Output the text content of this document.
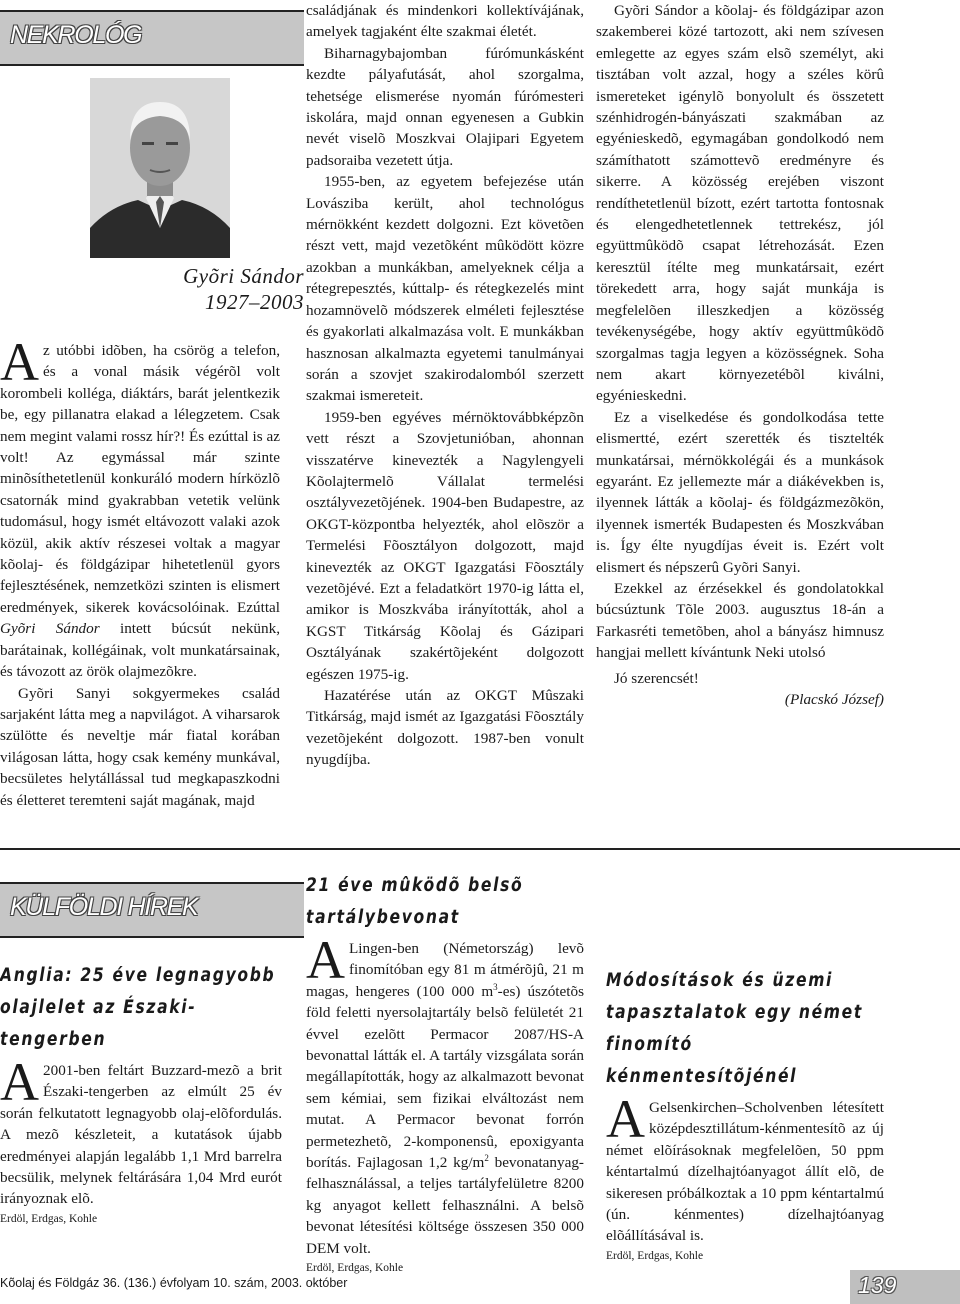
NEKROLÓG
Gyõri Sándor
1927–2003

Az utóbbi idõben, ha csörög a telefon, és a vonal másik végérõl volt korombeli kolléga, diáktárs, barát jelentkezik be, egy pillanatra elakad a lélegzetem. Csak nem megint valami rossz hír?! És ezúttal is az volt! Az egymással már szinte minõsíthetetlenül konkuráló modern hírközlõ csatornák mind gyakrabban vetetik velünk tudomásul, hogy ismét eltávozott valaki azok közül, akik aktív részesei voltak a magyar kõolaj- és földgázipar hihetetlenül gyors fejlesztésének, nemzetközi szinten is elismert eredmények, sikerek kovácsolóinak. Ezúttal Gyõri Sándor intett búcsút nekünk, barátainak, kollégáinak, volt munkatársainak, és távozott az örök olajmezõkre.

Gyõri Sanyi sokgyermekes család sarjaként látta meg a napvilágot. A viharsarok szülötte és neveltje már fiatal korában világosan látta, hogy csak kemény munkával, becsületes helytállással tud megkapaszkodni és életteret teremteni saját magának, majd

családjának és mindenkori kollektívájának, amelyek tagjaként élte szakmai életét.

Biharnagybajomban fúrómunkásként kezdte pályafutását, ahol szorgalma, tehetsége elismerése nyomán fúrómesteri iskolára, majd onnan egyenesen a Gubkin nevét viselõ Moszkvai Olajipari Egyetem padsoraiba vezetett útja.

1955-ben, az egyetem befejezése után Lovásziba került, ahol technológus mérnökként kezdett dolgozni. Ezt követõen részt vett, majd vezetõként mûködött közre azokban a munkákban, amelyeknek célja a rétegrepesztés, kúttalp- és rétegkezelés mint hozamnövelõ módszerek elméleti fejlesztése és gyakorlati alkalmazása volt. E munkákban hasznosan alkalmazta egyetemi tanulmányai során a szovjet szakirodalomból szerzett szakmai ismereteit.

1959-ben egyéves mérnöktovábbképzõn vett részt a Szovjetunióban, ahonnan visszatérve kinevezték a Nagylengyeli Kõolajtermelõ Vállalat termelési osztályvezetõjének. 1904-ben Budapestre, az OKGT-központba helyezték, ahol elõször a Termelési Fõosztályon dolgozott, majd kinevezték az OKGT Igazgatási Fõosztály vezetõjévé. Ezt a feladatkört 1970-ig látta el, amikor is Moszkvába irányították, ahol a KGST Titkárság Kõolaj és Gázipari Osztályának szakértõjeként dolgozott egészen 1975-ig.

Hazatérése után az OKGT Mûszaki Titkárság, majd ismét az Igazgatási Fõosztály vezetõjeként dolgozott. 1987-ben vonult nyugdíjba.

Gyõri Sándor a kõolaj- és földgázipar azon szakemberei közé tartozott, aki nem szívesen emlegette az egyes szám elsõ személyt, aki tisztában volt azzal, hogy a széles körû ismereteket igénylõ bonyolult és összetett szénhidrogén-bányászati szakmában az egyénieskedõ, egymagában gondolkodó nem számíthatott számottevõ eredményre és sikerre. A közösség erejében viszont rendíthetetlenül bízott, ezért tartotta fontosnak és elengedhetetlennek tettrekész, jól együttmûködõ csapat létrehozását. Ezen keresztül ítélte meg munkatársait, ezért törekedett arra, hogy saját munkája is megfelelõen illeszkedjen a közösség tevékenységébe, hogy aktív együttmûködõ szorgalmas tagja legyen a közösségnek. Soha nem akart környezetébõl kiválni, egyénieskedni.

Ez a viselkedése és gondolkodása tette elismertté, ezért szerették és tisztelték munkatársai, mérnökkolégái és a munkások egyaránt. Ez jellemezte már a diákévekben is, ilyennek látták a kõolaj- és földgázmezõkön, ilyennek ismerték Budapesten és Moszkvában is. Így élte nyugdíjas éveit is. Ezért volt elismert és népszerû Gyõri Sanyi.

Ezekkel az érzésekkel és gondolatokkal búcsúztunk Tõle 2003. augusztus 18-án a Farkasréti temetõben, ahol a bányász himnusz hangjai mellett kívántunk Neki utolsó

Jó szerencsét!

(Placskó József)

KÜLFÖLDI HÍREK
Anglia: 25 éve legnagyobb olajlelet az Északi-tengerben

A 2001-ben feltárt Buzzard-mezõ a brit Északi-tengerben az elmúlt 25 év során felkutatott legnagyobb olaj-elõfordulás. A mezõ készleteit, a kutatások újabb eredményei alapján legalább 1,1 Mrd barrelra becsülik, melynek feltárására 1,04 Mrd eurót irányoznak elõ.

Erdöl, Erdgas, Kohle

21 éve mûködõ belsõ tartálybevonat

A Lingen-ben (Németország) levõ finomítóban egy 81 m átmérõjû, 21 m magas, hengeres (100 000 $m^3-es$) úszótetõs föld feletti nyersolajtartály belsõ felületét 21 évvel ezelõtt Permacor 2087/HS-A bevonattal látták el. A tartály vizsgálata során megállapították, hogy az alkalmazott bevonat sem kémiai, sem fizikai elváltozást nem mutat. A Permacor bevonat forrón permetezhetõ, 2-komponensû, epoxigyanta borítás. Fajlagosan 1,2 $kg/m^2$ bevonatanyag-felhasználással, a teljes tartályfelületre 8200 kg anyagot kellett felhasználni. A belsõ bevonat létesítési költsége összesen 350 000 DEM volt.

Erdöl, Erdgas, Kohle

Módosítások és üzemi tapasztalatok egy német finomító kénmentesítõjénél

A Gelsenkirchen–Scholvenben létesített középdesztillátum-kénmentesítõ az új német elõírásoknak megfelelõen, 50 ppm kéntartalmú dízelhajtóanyagot állít elõ, de sikeresen próbálkoztak a 10 ppm kéntartalmú (ún. kénmentes) dízelhajtóanyag elõállításával is.

Erdöl, Erdgas, Kohle

Kõolaj és Földgáz 36. (136.) évfolyam 10. szám, 2003. október	139
